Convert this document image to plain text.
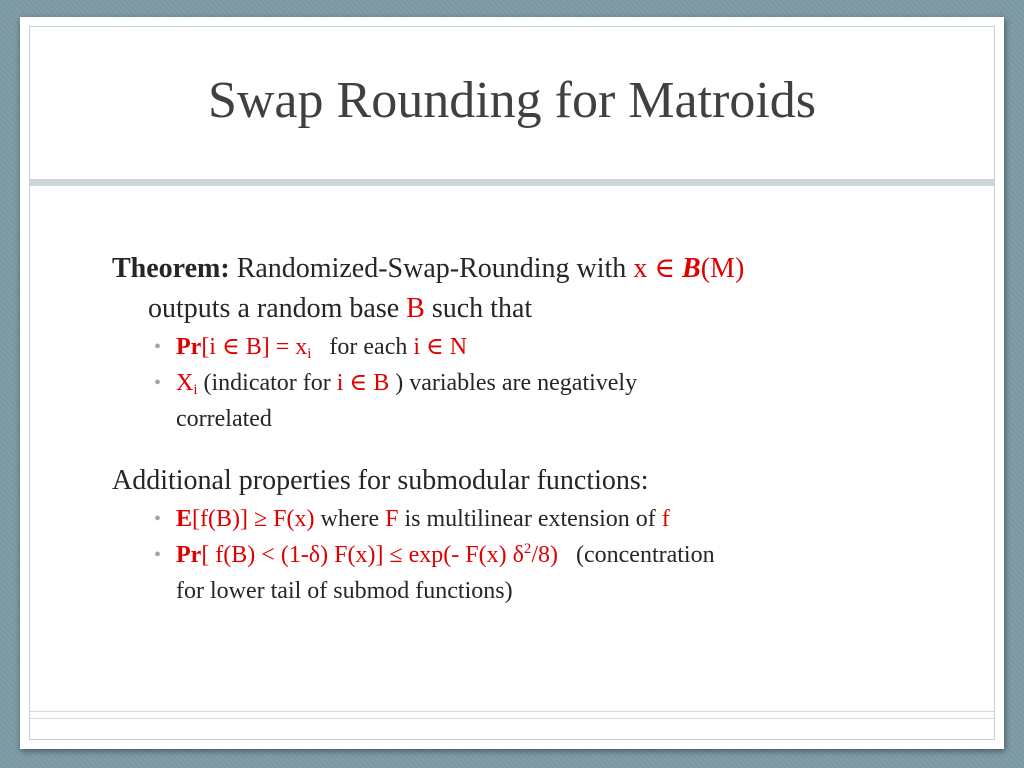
Swap Rounding for Matroids
Theorem: Randomized-Swap-Rounding with x ∈ B(M)
outputs a random base B such that
• Pr[i ∈ $B] = x_i$   for each i ∈ N
• $X_i$ (indicator for i ∈ B ) variables are negatively
correlated
Additional properties for submodular functions:
• E[f(B)] ≥ F(x) where F is multilinear extension of f
• Pr[ f(B) < (1-δ) F(x)] ≤ exp(- F(x) $\delta^2/8$)   (concentration
for lower tail of submod functions)
